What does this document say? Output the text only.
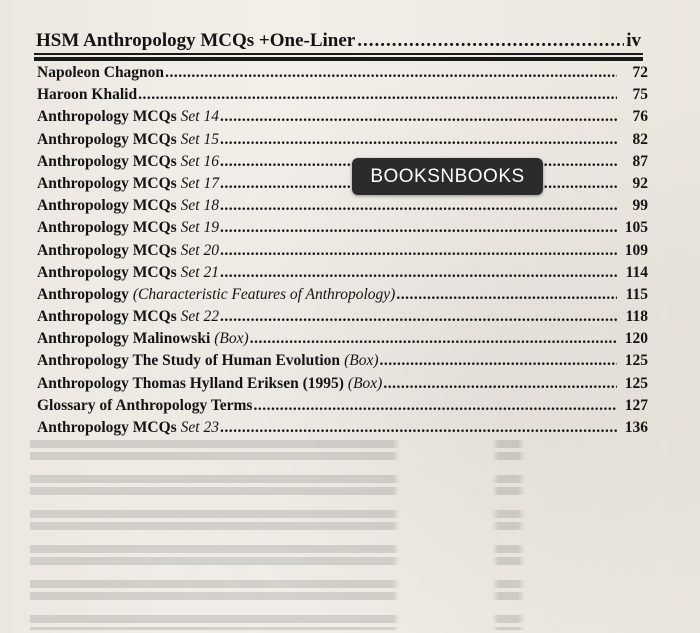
HSM Anthropology MCQs +One-Liner .....	iv
Napoleon Chagnon .....	72
Haroon Khalid .....	75
Anthropology MCQs Set 14 .....	76
Anthropology MCQs Set 15 .....	82
Anthropology MCQs Set 16 .....	87
Anthropology MCQs Set 17 .....	92
Anthropology MCQs Set 18 .....	99
Anthropology MCQs Set 19 .....	105
Anthropology MCQs Set 20 .....	109
Anthropology MCQs Set 21 .....	114
Anthropology (Characteristic Features of Anthropology) .....	115
Anthropology MCQs Set 22 .....	118
Anthropology Malinowski (Box) .....	120
Anthropology The Study of Human Evolution (Box) .....	125
Anthropology Thomas Hylland Eriksen (1995) (Box) .....	125
Glossary of Anthropology Terms .....	127
Anthropology MCQs Set 23 .....	136
BOOKSNBOOKS
